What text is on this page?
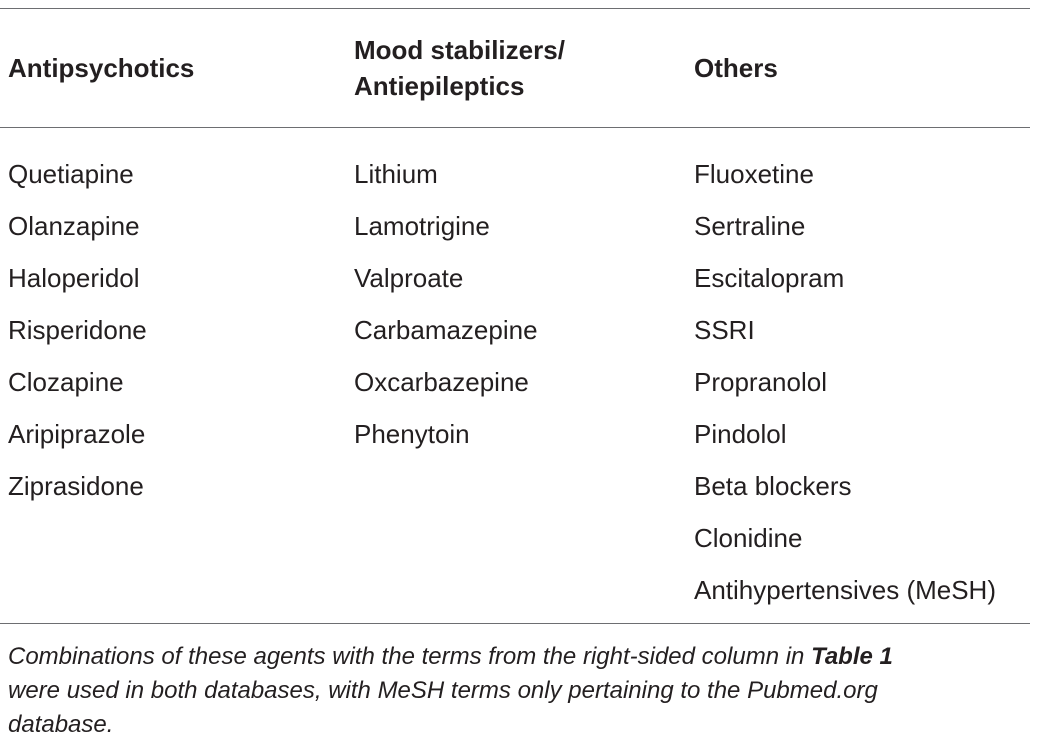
Antipsychotics
Mood stabilizers/
Antiepileptics
Others
Quetiapine
Olanzapine
Haloperidol
Risperidone
Clozapine
Aripiprazole
Ziprasidone
Lithium
Lamotrigine
Valproate
Carbamazepine
Oxcarbazepine
Phenytoin
Fluoxetine
Sertraline
Escitalopram
SSRI
Propranolol
Pindolol
Beta blockers
Clonidine
Antihypertensives (MeSH)
Combinations of these agents with the terms from the right-sided column in Table 1
were used in both databases, with MeSH terms only pertaining to the Pubmed.org
database.
